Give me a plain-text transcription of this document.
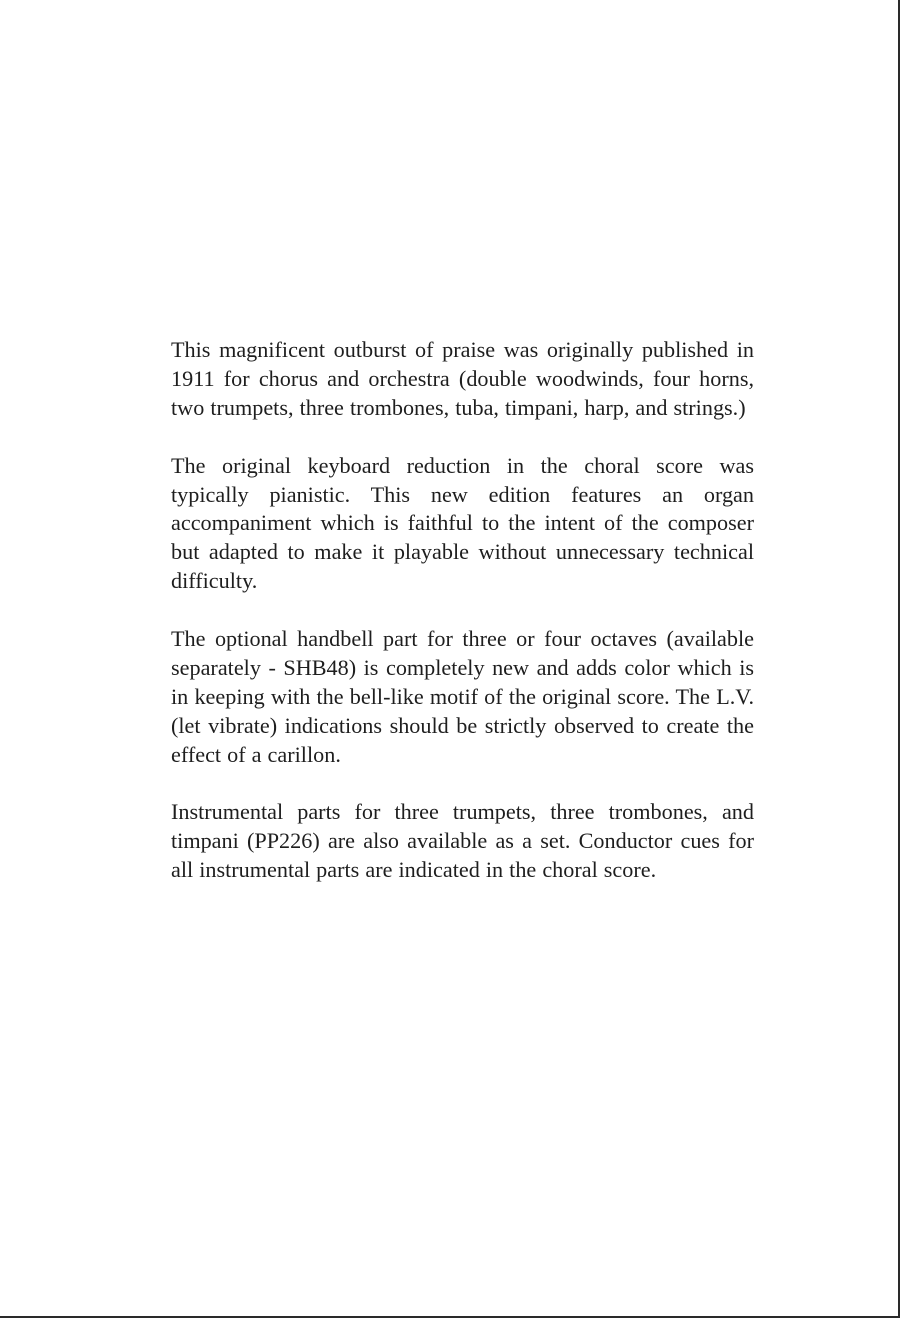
This magnificent outburst of praise was originally published in 1911 for chorus and orchestra (double woodwinds, four horns, two trumpets, three trombones, tuba, timpani, harp, and strings.)

The original keyboard reduction in the choral score was typically pianistic. This new edition features an organ accompaniment which is faithful to the intent of the composer but adapted to make it playable without unnecessary technical difficulty.

The optional handbell part for three or four octaves (available separately - SHB48) is completely new and adds color which is in keeping with the bell-like motif of the original score. The L.V. (let vibrate) indications should be strictly observed to create the effect of a carillon.

Instrumental parts for three trumpets, three trombones, and timpani (PP226) are also available as a set. Conductor cues for all instrumental parts are indicated in the choral score.
